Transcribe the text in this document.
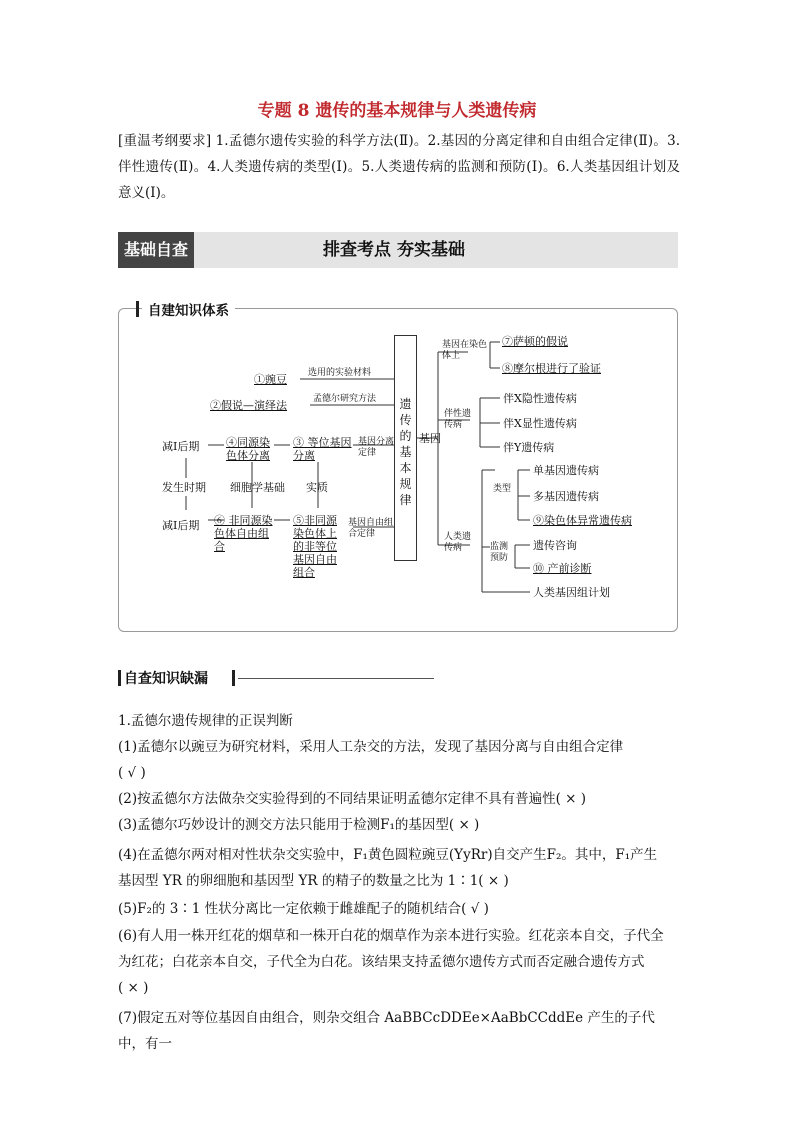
专题 8 遗传的基本规律与人类遗传病
[重温考纲要求] 1.孟德尔遗传实验的科学方法(Ⅱ)。2.基因的分离定律和自由组合定律(Ⅱ)。3.伴性遗传(Ⅱ)。4.人类遗传病的类型(Ⅰ)。5.人类遗传病的监测和预防(Ⅰ)。6.人类基因组计划及意义(Ⅰ)。
基础自查	排查考点 夯实基础
自建知识体系
遗传的基本规律
基因
①豌豆 选用的实验材料
②假说—演绎法	孟德尔研究方法
③ 等位基因分离
基因分离定律
④同源染色体分离
⑤非同源染色体上的非等位基因自由组合
基因自由组合定律
⑥ 非同源染色体自由组合
减Ⅰ后期
发生时期
减Ⅰ后期
细胞学基础 实质
基因在染色体上
⑦萨顿的假说
⑧摩尔根进行了验证
伴性遗传病
伴X隐性遗传病
伴X显性遗传病
伴Y遗传病
人类遗传病
类型
单基因遗传病
多基因遗传病
⑨染色体异常遗传病
监测预防
遗传咨询
⑩ 产前诊断
人类基因组计划
自查知识缺漏
1.孟德尔遗传规律的正误判断
(1)孟德尔以豌豆为研究材料，采用人工杂交的方法，发现了基因分离与自由组合定律
( √ )
(2)按孟德尔方法做杂交实验得到的不同结果证明孟德尔定律不具有普遍性( × )
(3)孟德尔巧妙设计的测交方法只能用于检测F₁的基因型( × )
(4)在孟德尔两对相对性状杂交实验中，F₁黄色圆粒豌豆(YyRr)自交产生F₂。其中，F₁产生
基因型 YR 的卵细胞和基因型 YR 的精子的数量之比为 1∶1( × )
(5)F₂的 3∶1 性状分离比一定依赖于雌雄配子的随机结合( √ )
(6)有人用一株开红花的烟草和一株开白花的烟草作为亲本进行实验。红花亲本自交，子代全
为红花；白花亲本自交，子代全为白花。该结果支持孟德尔遗传方式而否定融合遗传方式
( × )
(7)假定五对等位基因自由组合，则杂交组合 AaBBCcDDEe×AaBbCCddEe 产生的子代中，有一
